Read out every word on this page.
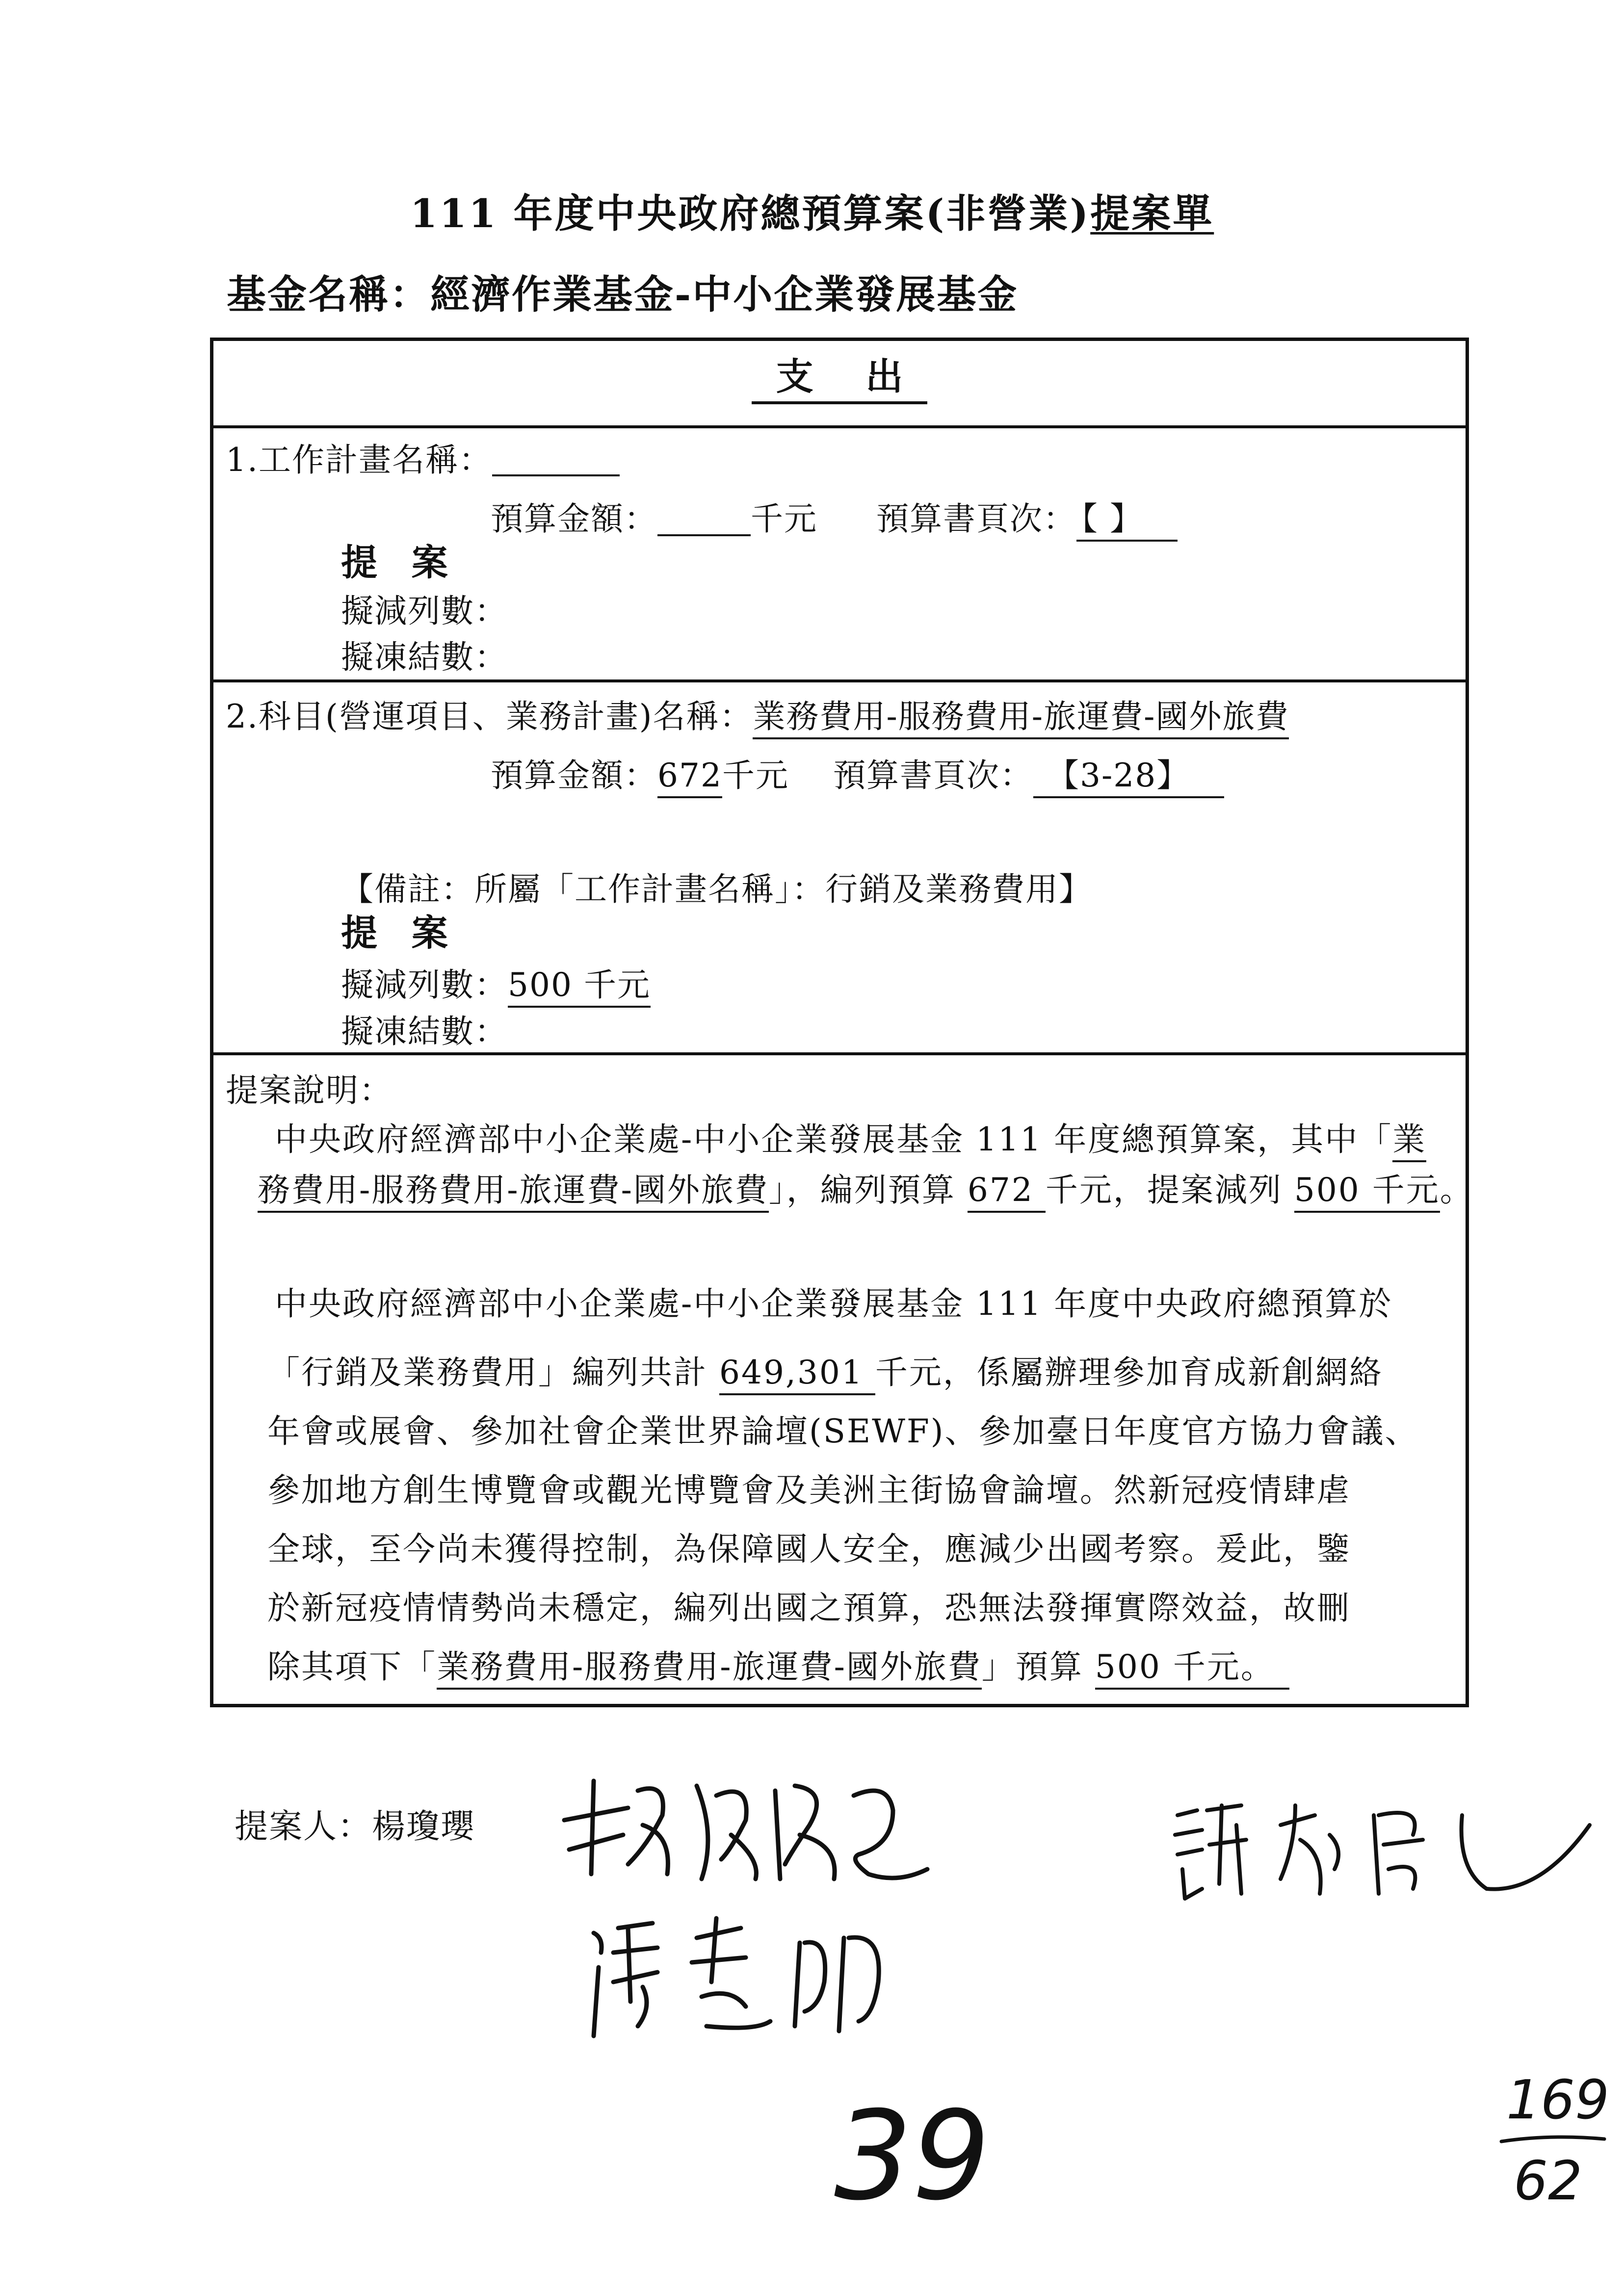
111 年度中央政府總預算案(非營業)提案單
基金名稱：經濟作業基金-中小企業發展基金
支 出
1.工作計畫名稱：
預算金額：	千元 預算書頁次： 【 】
提 案
擬減列數：
擬凍結數：
2.科目(營運項目、業務計畫)名稱：業務費用-服務費用-旅運費-國外旅費
預算金額：672千元 預算書頁次： 【3-28】
【備註：所屬「工作計畫名稱」：行銷及業務費用】
提 案
擬減列數：500 千元
擬凍結數：
提案說明：
中央政府經濟部中小企業處-中小企業發展基金 111 年度總預算案，其中「業
務費用-服務費用-旅運費-國外旅費」，編列預算 672 千元，提案減列 500 千元。
中央政府經濟部中小企業處-中小企業發展基金 111 年度中央政府總預算於
「行銷及業務費用」編列共計 649,301 千元，係屬辦理參加育成新創網絡
年會或展會、參加社會企業世界論壇(SEWF)、參加臺日年度官方協力會議、
參加地方創生博覽會或觀光博覽會及美洲主街協會論壇。然新冠疫情肆虐
全球，至今尚未獲得控制，為保障國人安全，應減少出國考察。爰此，鑒
於新冠疫情情勢尚未穩定，編列出國之預算，恐無法發揮實際效益，故刪
除其項下「業務費用-服務費用-旅運費-國外旅費」預算 500 千元。
提案人：楊瓊瓔
39	169
62
